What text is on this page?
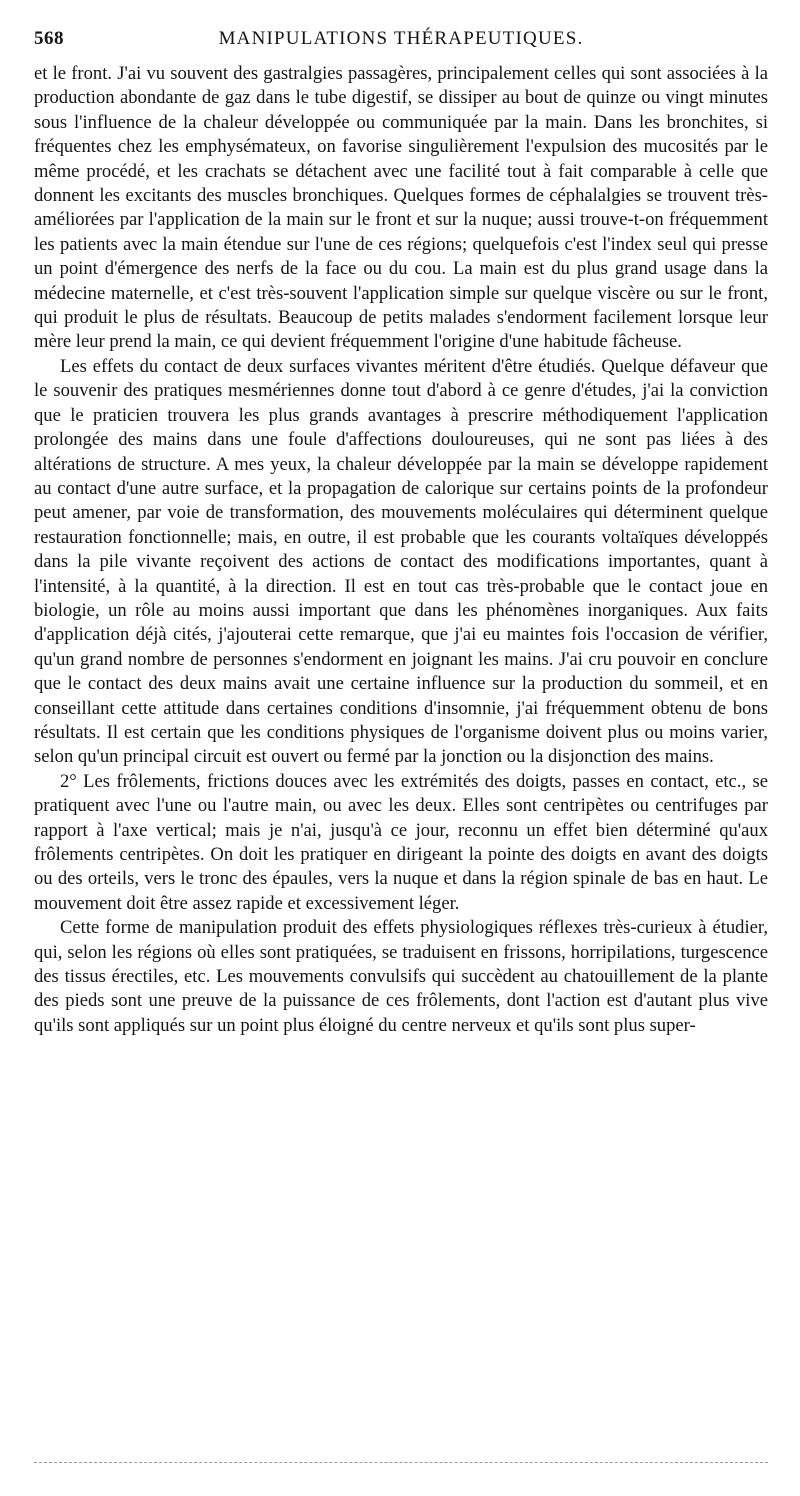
568	MANIPULATIONS THÉRAPEUTIQUES.

et le front. J'ai vu souvent des gastralgies passagères, principalement celles qui sont associées à la production abondante de gaz dans le tube digestif, se dissiper au bout de quinze ou vingt minutes sous l'influence de la chaleur développée ou communiquée par la main. Dans les bronchites, si fréquentes chez les emphysémateux, on favorise singulièrement l'expulsion des mucosités par le même procédé, et les crachats se détachent avec une facilité tout à fait comparable à celle que donnent les excitants des muscles bronchiques. Quelques formes de céphalalgies se trouvent très-améliorées par l'application de la main sur le front et sur la nuque; aussi trouve-t-on fréquemment les patients avec la main étendue sur l'une de ces régions; quelquefois c'est l'index seul qui presse un point d'émergence des nerfs de la face ou du cou. La main est du plus grand usage dans la médecine maternelle, et c'est très-souvent l'application simple sur quelque viscère ou sur le front, qui produit le plus de résultats. Beaucoup de petits malades s'endorment facilement lorsque leur mère leur prend la main, ce qui devient fréquemment l'origine d'une habitude fâcheuse.

Les effets du contact de deux surfaces vivantes méritent d'être étudiés. Quelque défaveur que le souvenir des pratiques mesmériennes donne tout d'abord à ce genre d'études, j'ai la conviction que le praticien trouvera les plus grands avantages à prescrire méthodiquement l'application prolongée des mains dans une foule d'affections douloureuses, qui ne sont pas liées à des altérations de structure. A mes yeux, la chaleur développée par la main se développe rapidement au contact d'une autre surface, et la propagation de calorique sur certains points de la profondeur peut amener, par voie de transformation, des mouvements moléculaires qui déterminent quelque restauration fonctionnelle; mais, en outre, il est probable que les courants voltaïques développés dans la pile vivante reçoivent des actions de contact des modifications importantes, quant à l'intensité, à la quantité, à la direction. Il est en tout cas très-probable que le contact joue en biologie, un rôle au moins aussi important que dans les phénomènes inorganiques. Aux faits d'application déjà cités, j'ajouterai cette remarque, que j'ai eu maintes fois l'occasion de vérifier, qu'un grand nombre de personnes s'endorment en joignant les mains. J'ai cru pouvoir en conclure que le contact des deux mains avait une certaine influence sur la production du sommeil, et en conseillant cette attitude dans certaines conditions d'insomnie, j'ai fréquemment obtenu de bons résultats. Il est certain que les conditions physiques de l'organisme doivent plus ou moins varier, selon qu'un principal circuit est ouvert ou fermé par la jonction ou la disjonction des mains.

2° Les frôlements, frictions douces avec les extrémités des doigts, passes en contact, etc., se pratiquent avec l'une ou l'autre main, ou avec les deux. Elles sont centripètes ou centrifuges par rapport à l'axe vertical; mais je n'ai, jusqu'à ce jour, reconnu un effet bien déterminé qu'aux frôlements centripètes. On doit les pratiquer en dirigeant la pointe des doigts en avant des doigts ou des orteils, vers le tronc des épaules, vers la nuque et dans la région spinale de bas en haut. Le mouvement doit être assez rapide et excessivement léger.

Cette forme de manipulation produit des effets physiologiques réflexes très-curieux à étudier, qui, selon les régions où elles sont pratiquées, se traduisent en frissons, horripilations, turgescence des tissus érectiles, etc. Les mouvements convulsifs qui succèdent au chatouillement de la plante des pieds sont une preuve de la puissance de ces frôlements, dont l'action est d'autant plus vive qu'ils sont appliqués sur un point plus éloigné du centre nerveux et qu'ils sont plus super-
